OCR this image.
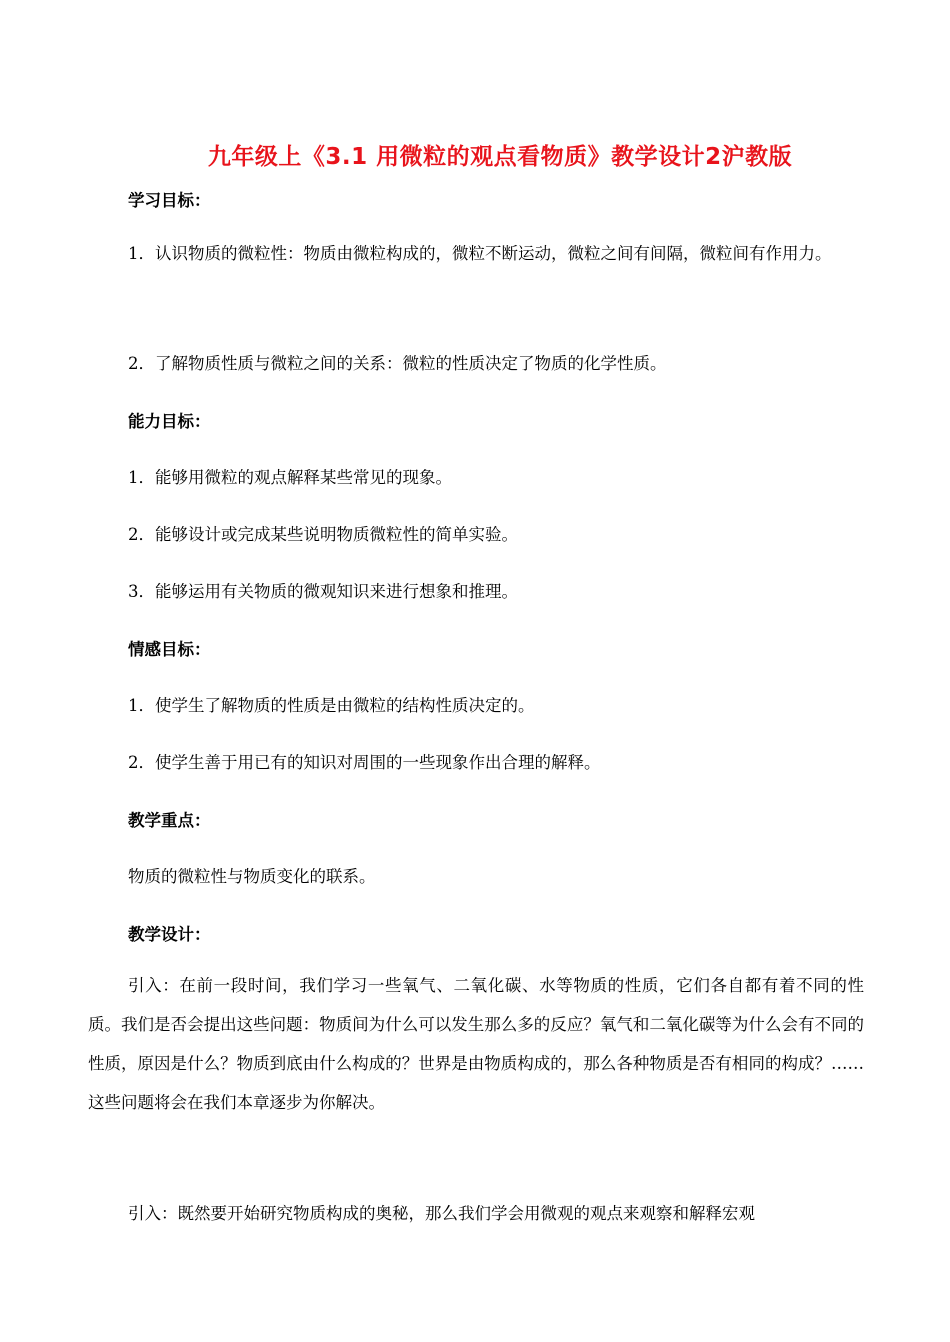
九年级上《3.1 用微粒的观点看物质》教学设计2沪教版
学习目标：
1．认识物质的微粒性：物质由微粒构成的，微粒不断运动，微粒之间有间隔，微粒间有作用力。
2．了解物质性质与微粒之间的关系：微粒的性质决定了物质的化学性质。
能力目标：
1．能够用微粒的观点解释某些常见的现象。
2．能够设计或完成某些说明物质微粒性的简单实验。
3．能够运用有关物质的微观知识来进行想象和推理。
情感目标：
1．使学生了解物质的性质是由微粒的结构性质决定的。
2．使学生善于用已有的知识对周围的一些现象作出合理的解释。
教学重点：
物质的微粒性与物质变化的联系。
教学设计：
引入：在前一段时间，我们学习一些氧气、二氧化碳、水等物质的性质，它们各自都有着不同的性质。我们是否会提出这些问题：物质间为什么可以发生那么多的反应？氧气和二氧化碳等为什么会有不同的性质，原因是什么？物质到底由什么构成的？世界是由物质构成的，那么各种物质是否有相同的构成？……这些问题将会在我们本章逐步为你解决。
引入：既然要开始研究物质构成的奥秘，那么我们学会用微观的观点来观察和解释宏观
